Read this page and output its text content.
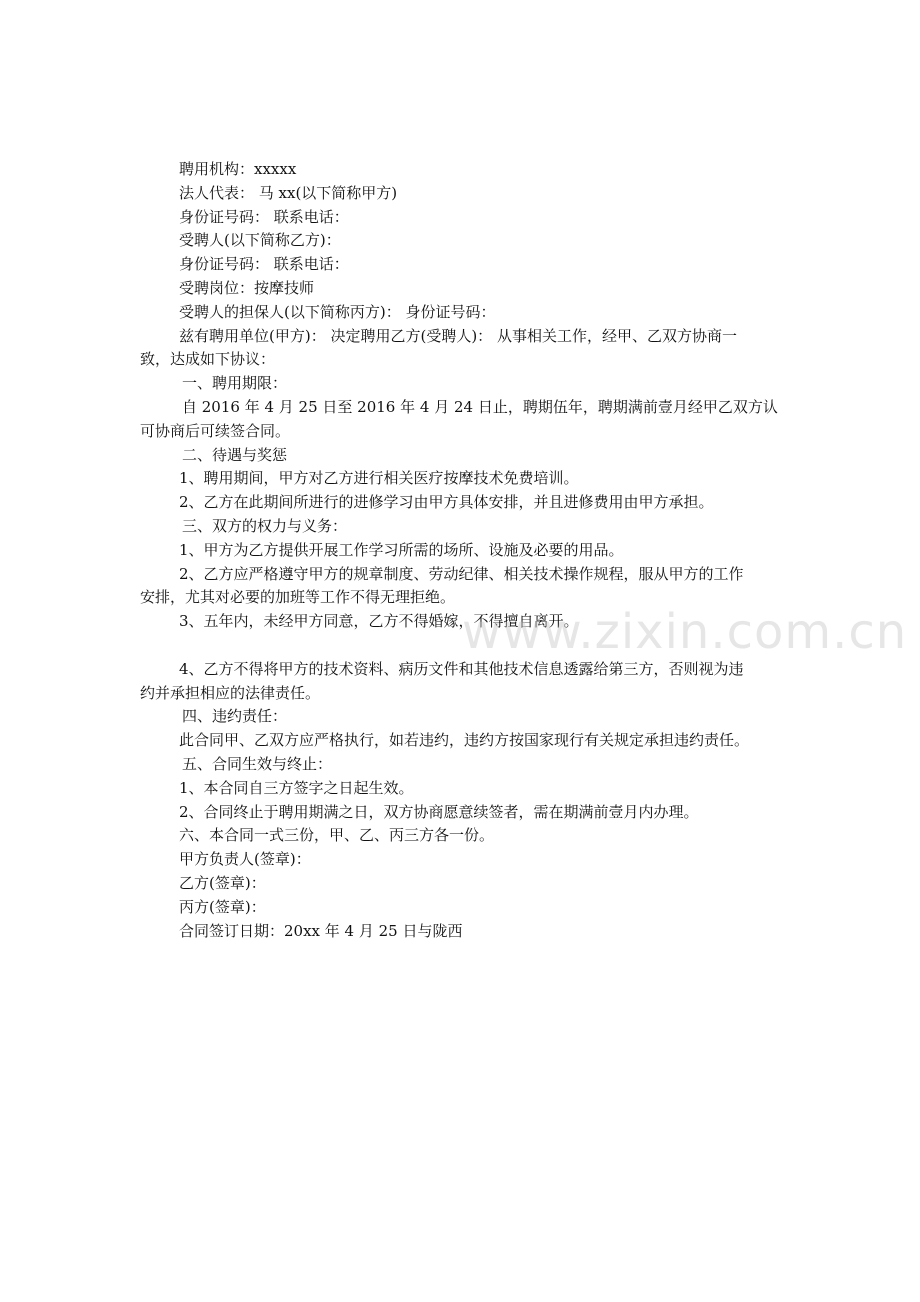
聘用机构：xxxxx

法人代表： 马 xx(以下简称甲方)

身份证号码： 联系电话：

受聘人(以下简称乙方)：

身份证号码： 联系电话：

受聘岗位：按摩技师

受聘人的担保人(以下简称丙方)： 身份证号码：

兹有聘用单位(甲方)： 决定聘用乙方(受聘人)： 从事相关工作，经甲、乙双方协商一

致，达成如下协议：

一、聘用期限：

自 2016 年 4 月 25 日至 2016 年 4 月 24 日止，聘期伍年，聘期满前壹月经甲乙双方认

可协商后可续签合同。

二、待遇与奖惩

1、聘用期间，甲方对乙方进行相关医疗按摩技术免费培训。

2、乙方在此期间所进行的进修学习由甲方具体安排，并且进修费用由甲方承担。

三、双方的权力与义务：

1、甲方为乙方提供开展工作学习所需的场所、设施及必要的用品。

2、乙方应严格遵守甲方的规章制度、劳动纪律、相关技术操作规程，服从甲方的工作

安排，尤其对必要的加班等工作不得无理拒绝。

3、五年内，未经甲方同意，乙方不得婚嫁，不得擅自离开。

4、乙方不得将甲方的技术资料、病历文件和其他技术信息透露给第三方，否则视为违

约并承担相应的法律责任。

四、违约责任：

此合同甲、乙双方应严格执行，如若违约，违约方按国家现行有关规定承担违约责任。

五、合同生效与终止：

1、本合同自三方签字之日起生效。

2、合同终止于聘用期满之日，双方协商愿意续签者，需在期满前壹月内办理。

六、本合同一式三份，甲、乙、丙三方各一份。

甲方负责人(签章)：

乙方(签章)：

丙方(签章)：

合同签订日期：20xx 年 4 月 25 日与陇西

www.zixin.com.cn
